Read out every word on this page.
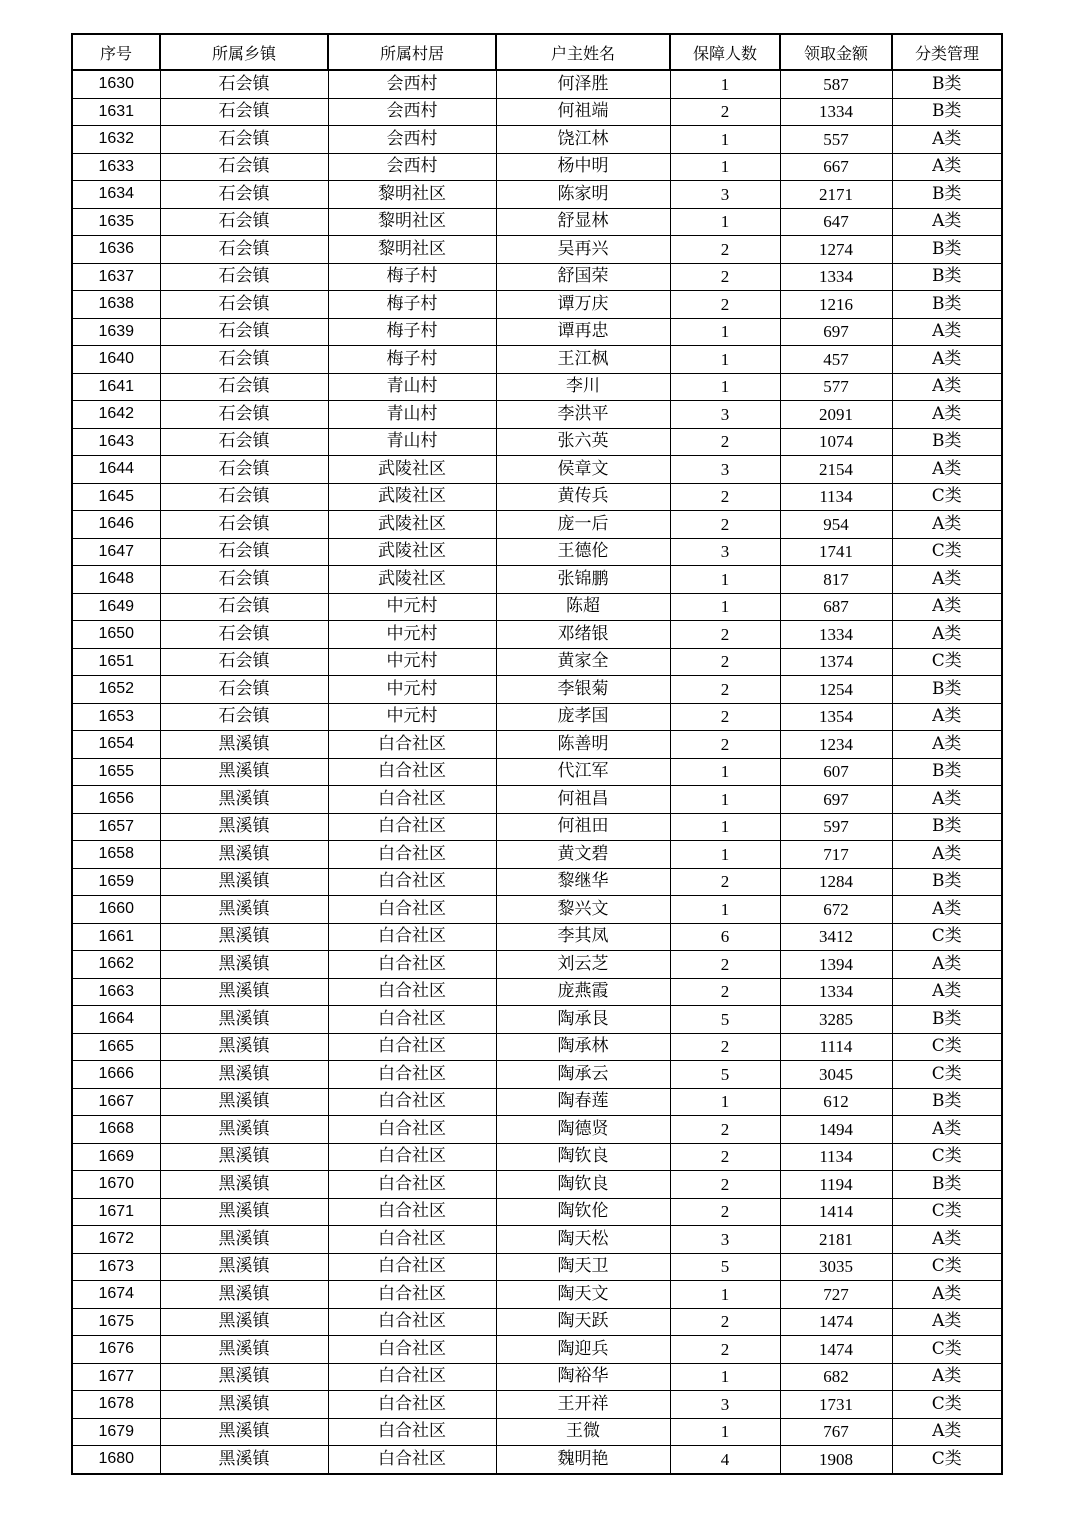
序号	所属乡镇	所属村居	户主姓名	保障人数	领取金额	分类管理
1630	石会镇	会西村	何泽胜	1	587	B类
1631	石会镇	会西村	何祖端	2	1334	B类
1632	石会镇	会西村	饶江林	1	557	A类
1633	石会镇	会西村	杨中明	1	667	A类
1634	石会镇	黎明社区	陈家明	3	2171	B类
1635	石会镇	黎明社区	舒显林	1	647	A类
1636	石会镇	黎明社区	吴再兴	2	1274	B类
1637	石会镇	梅子村	舒国荣	2	1334	B类
1638	石会镇	梅子村	谭万庆	2	1216	B类
1639	石会镇	梅子村	谭再忠	1	697	A类
1640	石会镇	梅子村	王江枫	1	457	A类
1641	石会镇	青山村	李川	1	577	A类
1642	石会镇	青山村	李洪平	3	2091	A类
1643	石会镇	青山村	张六英	2	1074	B类
1644	石会镇	武陵社区	侯章文	3	2154	A类
1645	石会镇	武陵社区	黄传兵	2	1134	C类
1646	石会镇	武陵社区	庞一后	2	954	A类
1647	石会镇	武陵社区	王德伦	3	1741	C类
1648	石会镇	武陵社区	张锦鹏	1	817	A类
1649	石会镇	中元村	陈超	1	687	A类
1650	石会镇	中元村	邓绪银	2	1334	A类
1651	石会镇	中元村	黄家全	2	1374	C类
1652	石会镇	中元村	李银菊	2	1254	B类
1653	石会镇	中元村	庞孝国	2	1354	A类
1654	黑溪镇	白合社区	陈善明	2	1234	A类
1655	黑溪镇	白合社区	代江军	1	607	B类
1656	黑溪镇	白合社区	何祖昌	1	697	A类
1657	黑溪镇	白合社区	何祖田	1	597	B类
1658	黑溪镇	白合社区	黄文碧	1	717	A类
1659	黑溪镇	白合社区	黎继华	2	1284	B类
1660	黑溪镇	白合社区	黎兴文	1	672	A类
1661	黑溪镇	白合社区	李其凤	6	3412	C类
1662	黑溪镇	白合社区	刘云芝	2	1394	A类
1663	黑溪镇	白合社区	庞燕霞	2	1334	A类
1664	黑溪镇	白合社区	陶承艮	5	3285	B类
1665	黑溪镇	白合社区	陶承林	2	1114	C类
1666	黑溪镇	白合社区	陶承云	5	3045	C类
1667	黑溪镇	白合社区	陶春莲	1	612	B类
1668	黑溪镇	白合社区	陶德贤	2	1494	A类
1669	黑溪镇	白合社区	陶钦良	2	1134	C类
1670	黑溪镇	白合社区	陶钦良	2	1194	B类
1671	黑溪镇	白合社区	陶钦伦	2	1414	C类
1672	黑溪镇	白合社区	陶天松	3	2181	A类
1673	黑溪镇	白合社区	陶天卫	5	3035	C类
1674	黑溪镇	白合社区	陶天文	1	727	A类
1675	黑溪镇	白合社区	陶天跃	2	1474	A类
1676	黑溪镇	白合社区	陶迎兵	2	1474	C类
1677	黑溪镇	白合社区	陶裕华	1	682	A类
1678	黑溪镇	白合社区	王开祥	3	1731	C类
1679	黑溪镇	白合社区	王微	1	767	A类
1680	黑溪镇	白合社区	魏明艳	4	1908	C类
